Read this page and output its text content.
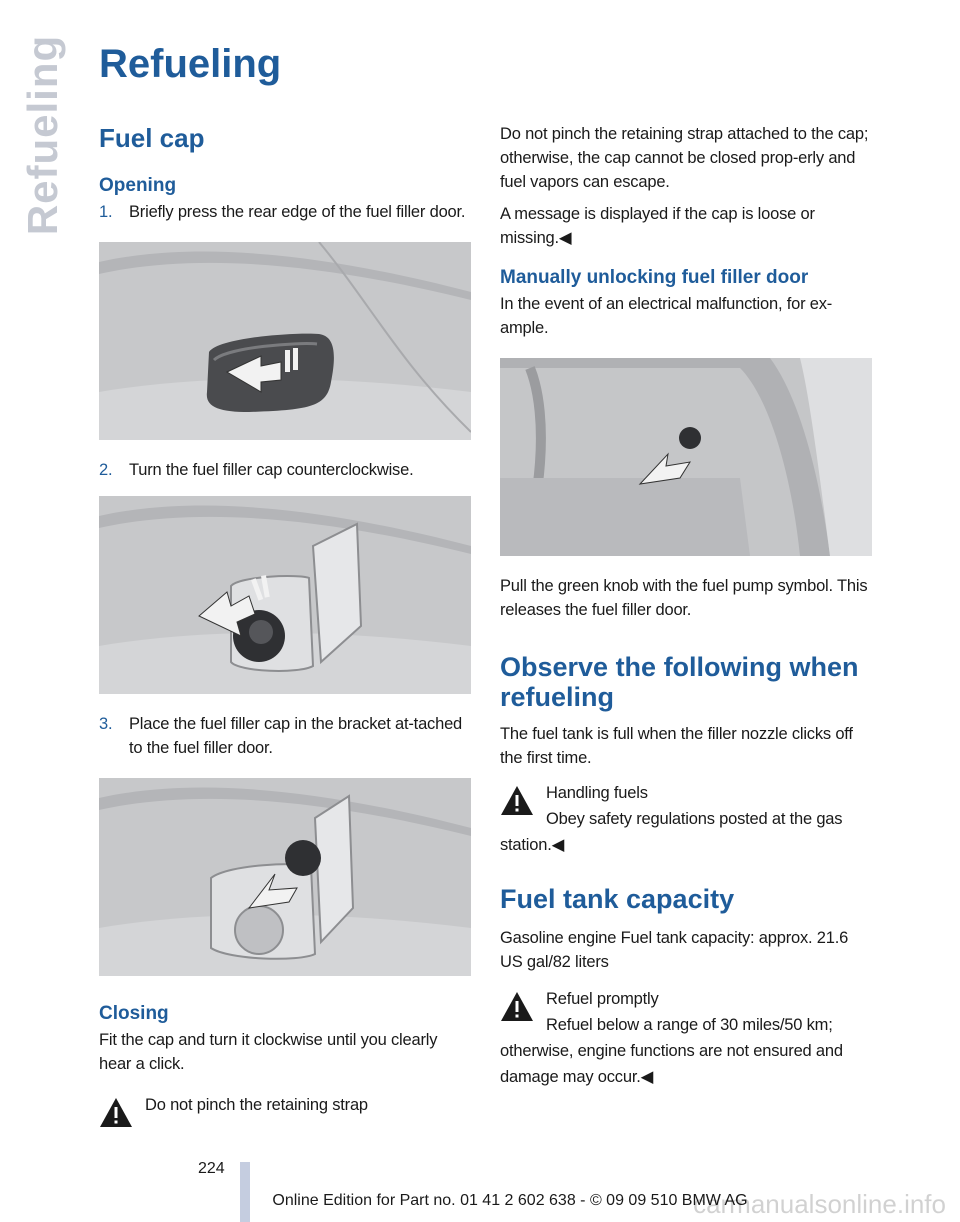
Refueling Refueling
Fuel cap
Opening
1. Briefly press the rear edge of the fuel filler door.
2. Turn the fuel filler cap counterclockwise.
3. Place the fuel filler cap in the bracket at-tached to the fuel filler door.
Closing

Fit the cap and turn it clockwise until you clearly hear a click.

Do not pinch the retaining strap

Do not pinch the retaining strap attached to the cap; otherwise, the cap cannot be closed prop-erly and fuel vapors can escape.

A message is displayed if the cap is loose or missing.◀

Manually unlocking fuel filler door

In the event of an electrical malfunction, for ex-ample.

Pull the green knob with the fuel pump symbol. This releases the fuel filler door.

Observe the following when refueling

The fuel tank is full when the filler nozzle clicks off the first time.

Handling fuels
Obey safety regulations posted at the gas station.◀
Fuel tank capacity

Gasoline engine Fuel tank capacity: approx. 21.6 US gal/82 liters

Refuel promptly
Refuel below a range of 30 miles/50 km; otherwise, engine functions are not ensured and damage may occur.◀
224
Online Edition for Part no. 01 41 2 602 638 - © 09 09 510 BMW AG
carmanualsonline.info
